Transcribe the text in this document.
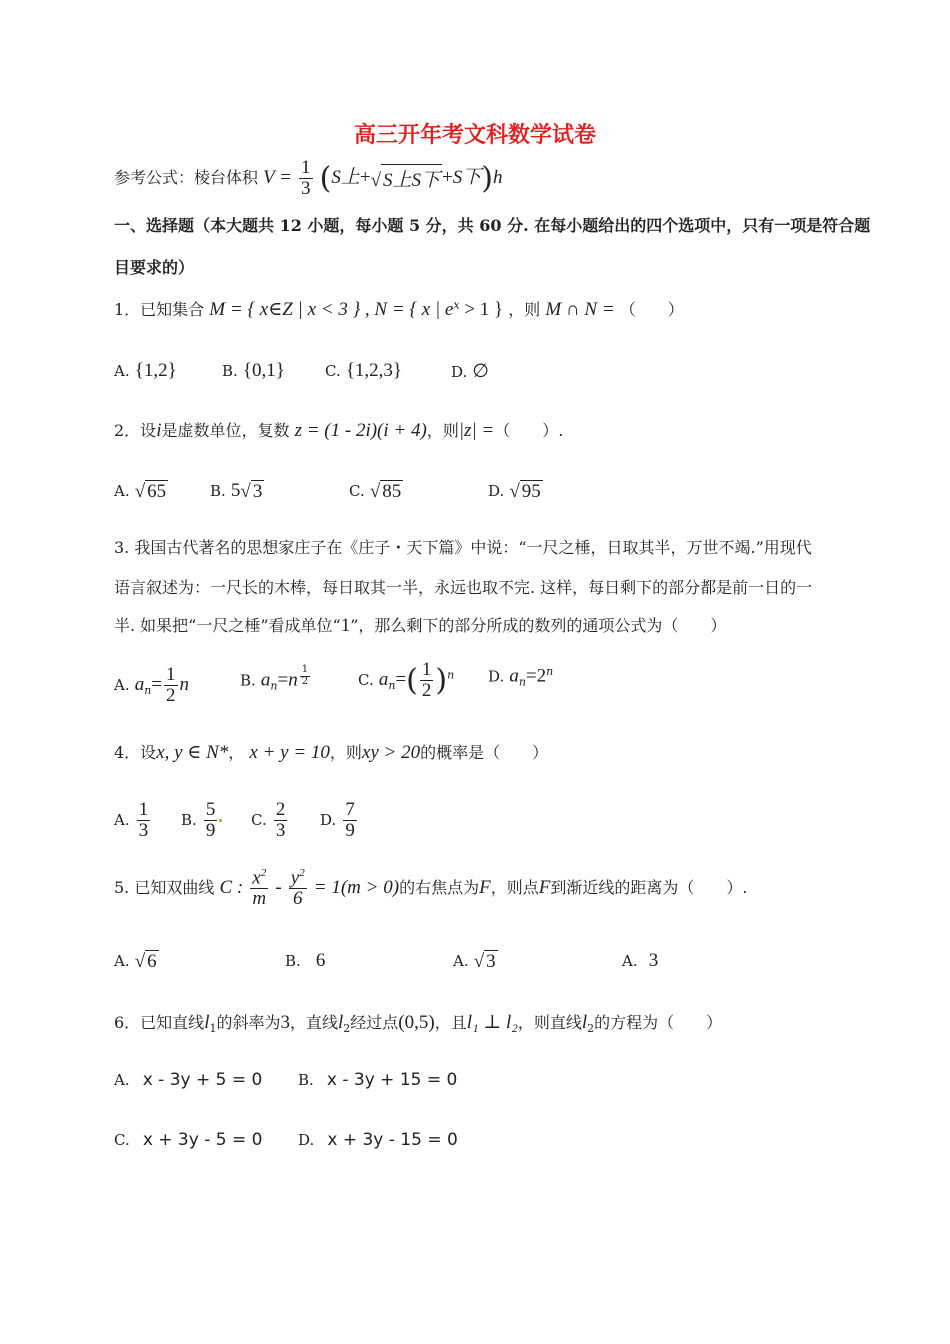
高三开年考文科数学试卷
参考公式：棱台体积 $V = \frac{1}{3} (S$上+√ S上S下 +S下)h
一、选择题（本大题共 12 小题，每小题 5 分，共 60 分. 在每小题给出的四个选项中，只有一项是符合题
目要求的）
1．已知集合 M = { x∈Z | x < 3 } , N = { x | $e^x > 1$ } ，则 M ∩ N = （　　）
A. {1,2}	B. {0,1}	C. {1,2,3}	D. ∅
2．设i是虚数单位，复数 z = (1 - 2i)(i + 4)，则|z| =（　　）.
A. √ 65	B. 5√ 3	C. √ 85	D. √ 95
3. 我国古代著名的思想家庄子在《庄子・天下篇》中说：“一尺之棰，日取其半，万世不竭.”用现代
语言叙述为：一尺长的木棒，每日取其一半，永远也取不完. 这样，每日剩下的部分都是前一日的一
半. 如果把“一尺之棰”看成单位“1”，那么剩下的部分所成的数列的通项公式为（　　）
A. $a_n= \frac{1}{2}$ n	B. $a_n=n$ $^{\frac{1}{2}}$	C. $a_n=( \frac{1}{2} )^n$ D. $a_n=2^n$
4．设x, y ∈ N*， x + y = 10，则xy > 20的概率是（　　）
A. $\frac{1}{3} B$. $\frac{5}{9} C$. $\frac{2}{3} D$. $\frac{7}{9}$
5. 已知双曲线 C : $\frac{x^2}{m} - \frac{y^2}{6} = 1(m > 0)$的右焦点为F，则点F到渐近线的距离为（　　）.
A. √ 6	B. 6	A. √ 3	A. 3
6．已知直线$l_1$的斜率为3，直线$l_2$经过点(0,5)，且l₁ ⊥ l₂，则直线$l_2$的方程为（　　）
A. x - 3y + 5 = 0 B. x - 3y + 15 = 0
C. x + 3y - 5 = 0 D. x + 3y - 15 = 0
